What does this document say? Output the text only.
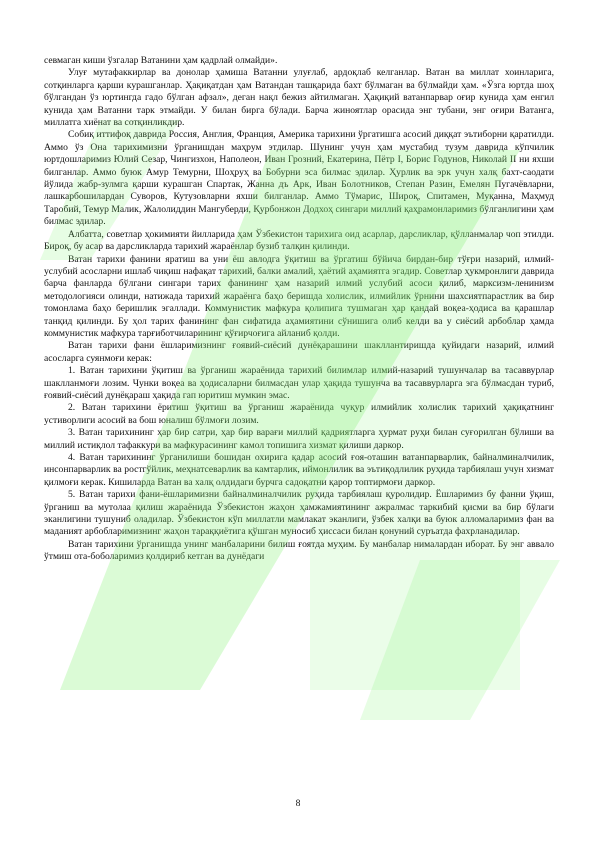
севмаган киши ўзгалар Ватанини ҳам қадрлай олмайди».

Улуғ мутафаккирлар ва донолар ҳамиша Ватанни улуғлаб, ардоқлаб келганлар. Ватан ва миллат хоинларига, сотқинларга қарши курашганлар. Ҳақиқатдан ҳам Ватандан ташқарида бахт бўлмаган ва бўлмайди ҳам. «Ўзга юртда шоҳ бўлгандан ўз юртингда гадо бўлган афзал», деган нақл бежиз айтилмаган. Ҳақиқий ватанпарвар оғир кунида ҳам енгил кунида ҳам Ватанни тарк этмайди. У билан бирга бўлади. Барча жиноятлар орасида энг тубани, энг оғири Ватанга, миллатга хиёнат ва сотқинликдир.

Собиқ иттифоқ даврида Россия, Англия, Франция, Америка тарихини ўргатишга асосий диққат эътиборни қаратилди. Аммо ўз Она тарихимизни ўрганишдан маҳрум этдилар. Шунинг учун ҳам мустабид тузум даврида кўпчилик юртдошларимиз Юлий Сезар, Чингизхон, Наполеон, Иван Грозний, Екатерина, Пётр I, Борис Годунов, Николай II ни яхши билганлар. Аммо буюк Амур Темурни, Шоҳруҳ ва Бобурни эса билмас эдилар. Ҳурлик ва эрк учун халқ бахт-саодати йўлида жабр-зулмга қарши курашган Спартак, Жанна дъ Арк, Иван Болотников, Степан Разин, Емелян Пугачёвларни, лашкарбошилардан Суворов, Кутузовларни яхши билганлар. Аммо Тўмарис, Широқ, Спитамен, Муқанна, Маҳмуд Таробий, Темур Малик, Жалолиддин Мангуберди, Қурбонжон Додхоҳ сингари миллий қаҳрамонларимиз бўлганлигини ҳам билмас эдилар.

Албатта, советлар ҳокимияти йилларида ҳам Ўзбекистон тарихига оид асарлар, дарсликлар, қўлланмалар чоп этилди. Бироқ, бу асар ва дарсликларда тарихий жараёнлар бузиб талқин қилинди.

Ватан тарихи фанини яратиш ва уни ёш авлодга ўқитиш ва ўргатиш бўйича бирдан-бир тўғри назарий, илмий-услубий асосларни ишлаб чиқиш нафақат тарихий, балки амалий, ҳаётий аҳамиятга эгадир. Советлар ҳукмронлиги даврида барча фанларда бўлгани сингари тарих фанининг ҳам назарий илмий услубий асоси қилиб, марксизм-ленинизм методологияси олинди, натижада тарихий жараёнга баҳо беришда холислик, илмийлик ўрнини шахсиятпарастлик ва бир томонлама баҳо беришлик эгаллади. Коммунистик мафкура қолипига тушмаган ҳар қандай воқеа-ҳодиса ва қарашлар танқид қилинди. Бу ҳол тарих фанининг фан сифатида аҳамиятини сўнишига олиб келди ва у сиёсий арбоблар ҳамда коммунистик мафкура тарғиботчиларининг қўғирчоғига айланиб қолди.

Ватан тарихи фани ёшларимизнинг ғоявий-сиёсий дунёқарашини шакллантиришда қуйидаги назарий, илмий асосларга суянмоғи керак:

1. Ватан тарихини ўқитиш ва ўрганиш жараёнида тарихий билимлар илмий-назарий тушунчалар ва тасаввурлар шаклланмоғи лозим. Чунки воқеа ва ҳодисаларни билмасдан улар ҳақида тушунча ва тасаввурларга эга бўлмасдан туриб, ғоявий-сиёсий дунёқараш ҳақида гап юритиш мумкин эмас.

2. Ватан тарихини ёритиш ўқитиш ва ўрганиш жараёнида чуқур илмийлик холислик тарихий ҳақиқатнинг устиворлиги асосий ва бош юналиш бўлмоғи лозим.

3. Ватан тарихининг ҳар бир сатри, ҳар бир варағи миллий қадриятларга ҳурмат руҳи билан суғорилган бўлиши ва миллий истиқлол тафаккури ва мафкурасининг камол топишига хизмат қилиши даркор.

4. Ватан тарихининг ўрганилиши бошидан охирига қадар асосий ғоя-оташин ватанпарварлик, байналминалчилик, инсонпарварлик ва ростгўйлик, меҳнатсеварлик ва камтарлик, иймонлилик ва эътиқодлилик руҳида тарбиялаш учун хизмат қилмоғи керак. Кишиларда Ватан ва халқ олдидаги бурчга садоқатни қарор топтирмоғи даркор.

5. Ватан тарихи фани-ёшларимизни байналминалчилик руҳида тарбиялаш қуролидир. Ёшларимиз бу фанни ўқиш, ўрганиш ва мутолаа қилиш жараёнида Ўзбекистон жаҳон ҳамжамиятининг ажралмас таркибий қисми ва бир бўлаги эканлигини тушуниб оладилар. Ўзбекистон кўп миллатли мамлакат эканлиги, ўзбек халқи ва буюк алломаларимиз фан ва маданият арбобларимизнинг жаҳон тараққиётига қўшган муносиб ҳиссаси билан қонуний суръатда фахрланадилар.

Ватан тарихини ўрганишда унинг манбаларини билиш ғоятда муҳим. Бу манбалар нималардан иборат. Бу энг аввало ўтмиш ота-боболаримиз қолдириб кетган ва дунёдаги

8
